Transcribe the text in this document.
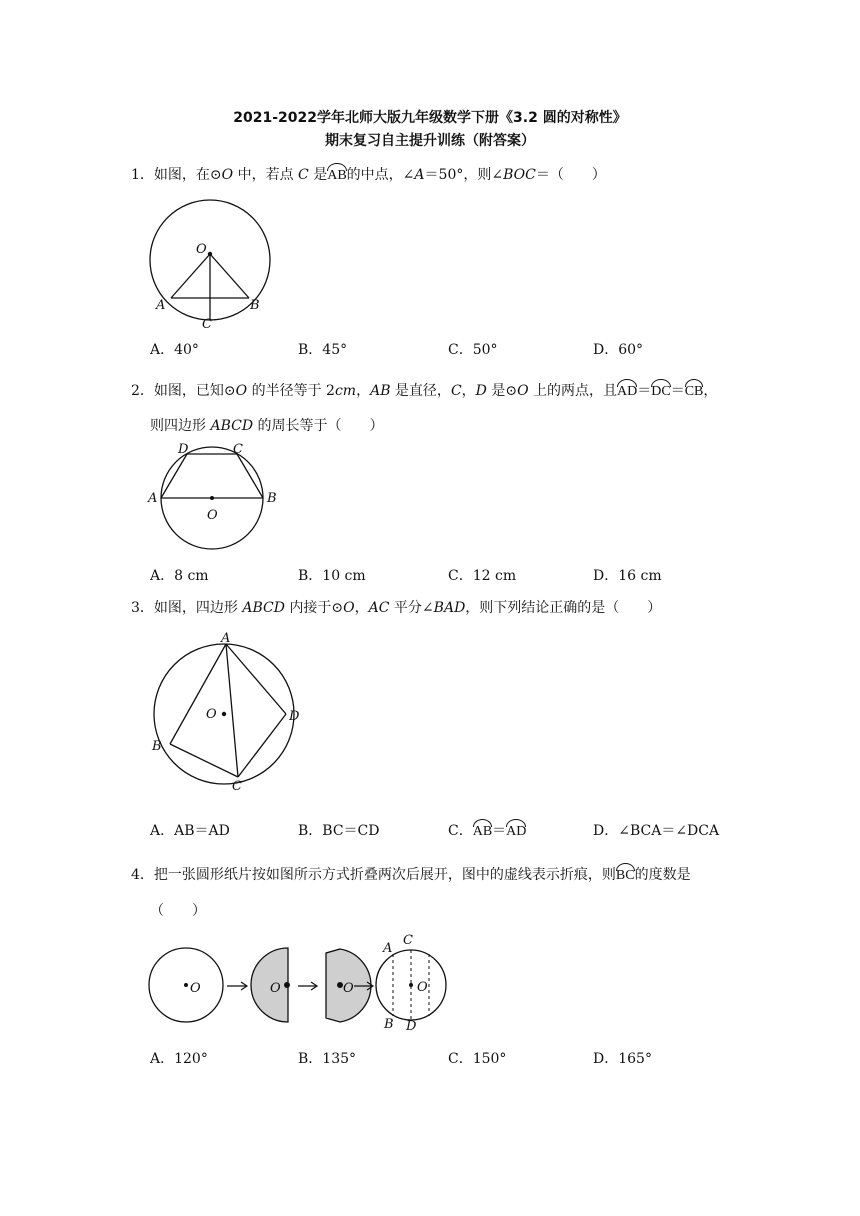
2021-2022学年北师大版九年级数学下册《3.2 圆的对称性》
期末复习自主提升训练（附答案）
1．如图，在⊙O 中，若点 C 是AB的中点，∠A＝50°，则∠BOC＝（　　）
O
A	B
C
A．40°	B．45°	C．50°	D．60°
2．如图，已知⊙O 的半径等于 2cm，AB 是直径，C，D 是⊙O 上的两点，且AD＝DC＝CB，
则四边形 ABCD 的周长等于（　　）
O
A	B
D	C
A．8 cm	B．10 cm	C．12 cm	D．16 cm
3．如图，四边形 ABCD 内接于⊙O，AC 平分∠BAD，则下列结论正确的是（　　）
O
A
B
C
D
A．AB＝AD	B．BC＝CD	C．AB＝AD	D．∠BCA＝∠DCA
4．把一张圆形纸片按如图所示方式折叠两次后展开，图中的虚线表示折痕，则BC的度数是
（　　）
O	O	O	O
A
C
B D
A．120°	B．135°	C．150°	D．165°
